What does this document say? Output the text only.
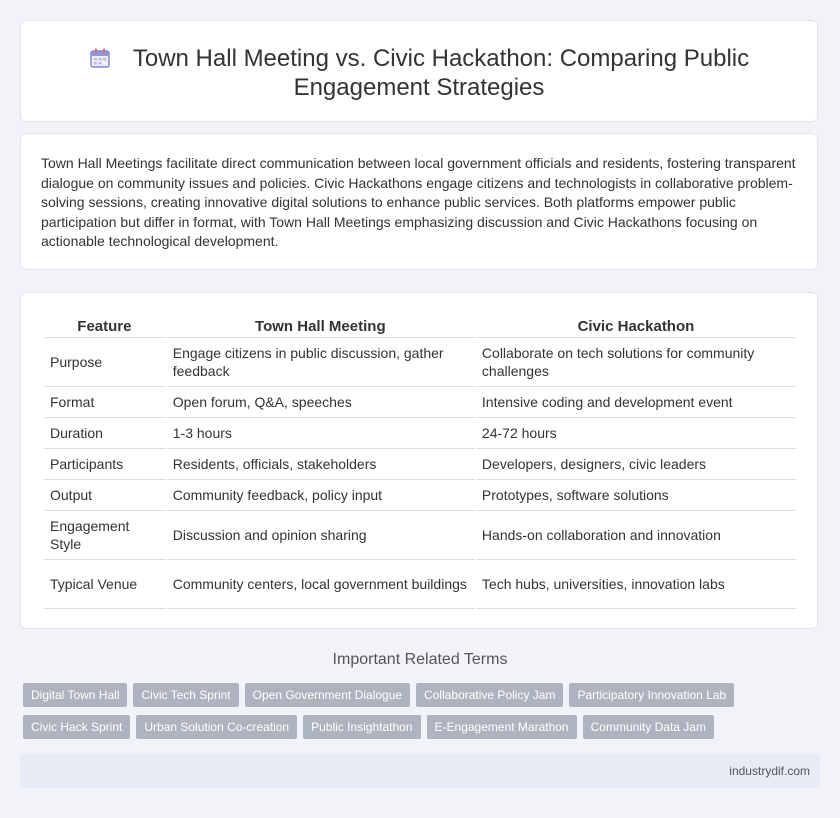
Town Hall Meeting vs. Civic Hackathon: Comparing Public
Engagement Strategies
Town Hall Meetings facilitate direct communication between local government officials and residents, fostering transparent dialogue on community issues and policies. Civic Hackathons engage citizens and technologists in collaborative problem-solving sessions, creating innovative digital solutions to enhance public services. Both platforms empower public participation but differ in format, with Town Hall Meetings emphasizing discussion and Civic Hackathons focusing on actionable technological development.
Feature	Town Hall Meeting	Civic Hackathon
Purpose	Engage citizens in public discussion, gather feedback	Collaborate on tech solutions for community challenges
Format	Open forum, Q&A, speeches	Intensive coding and development event
Duration	1-3 hours	24-72 hours
Participants	Residents, officials, stakeholders	Developers, designers, civic leaders
Output	Community feedback, policy input	Prototypes, software solutions
Engagement Style	Discussion and opinion sharing	Hands-on collaboration and innovation
Typical Venue	Community centers, local government buildings	Tech hubs, universities, innovation labs
Important Related Terms
Digital Town Hall	Civic Tech Sprint	Open Government Dialogue	Collaborative Policy Jam	Participatory Innovation Lab
Civic Hack Sprint	Urban Solution Co-creation	Public Insightathon	E-Engagement Marathon	Community Data Jam
industrydif.com
